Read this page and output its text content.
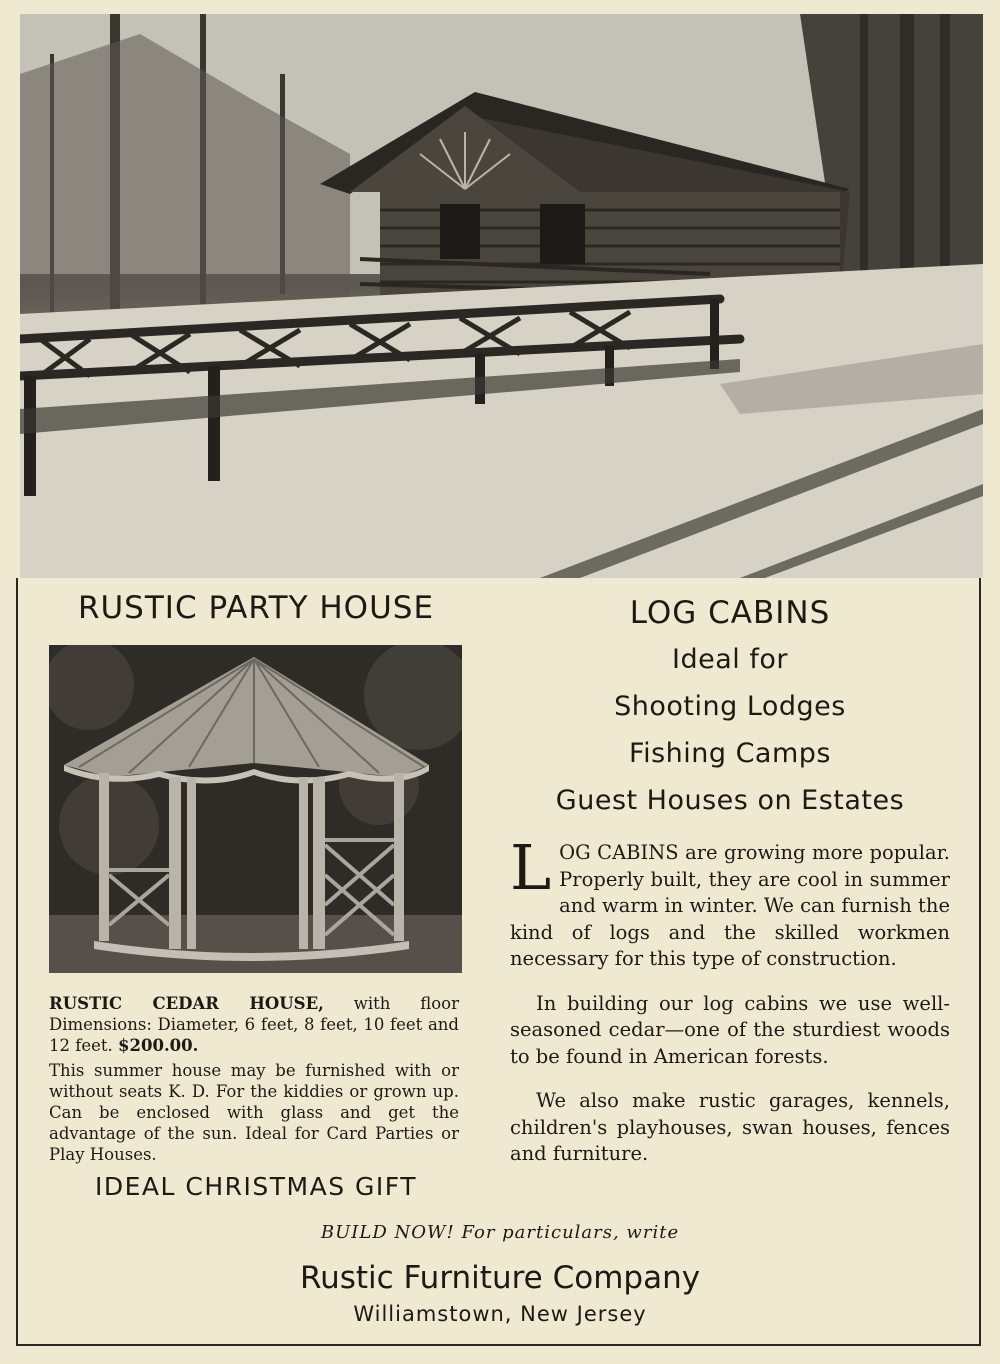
RUSTIC PARTY HOUSE

RUSTIC CEDAR HOUSE, with floor Dimensions: Diameter, 6 feet, 8 feet, 10 feet and 12 feet. $200.00.

This summer house may be furnished with or without seats K. D. For the kiddies or grown up. Can be enclosed with glass and get the advantage of the sun. Ideal for Card Parties or Play Houses.

IDEAL CHRISTMAS GIFT
LOG CABINS
Ideal for
Shooting Lodges
Fishing Camps
Guest Houses on Estates

LOG CABINS are growing more popular. Properly built, they are cool in summer and warm in winter. We can furnish the kind of logs and the skilled workmen necessary for this type of construction.

In building our log cabins we use well-seasoned cedar—one of the sturdiest woods to be found in American forests.

We also make rustic garages, kennels, children's playhouses, swan houses, fences and furniture.

BUILD NOW! For particulars, write
Rustic Furniture Company
Williamstown, New Jersey
